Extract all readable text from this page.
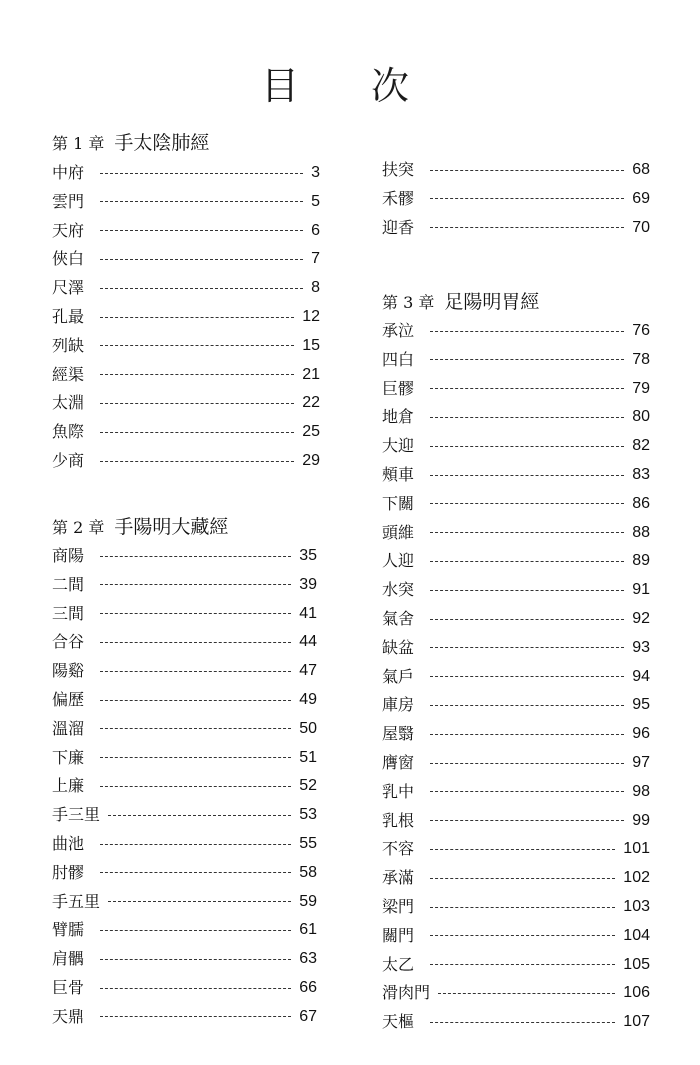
目 次
第 1 章 手太陰肺經
中府	3
雲門	5
天府	6
俠白	7
尺澤	8
孔最	12
列缺	15
經渠	21
太淵	22
魚際	25
少商	29
第 2 章 手陽明大藏經
商陽	35
二間	39
三間	41
合谷	44
陽谿	47
偏歷	49
溫溜	50
下廉	51
上廉	52
手三里	53
曲池	55
肘髎	58
手五里	59
臂臑	61
肩髃	63
巨骨	66
天鼎	67
扶突	68
禾髎	69
迎香	70
第 3 章 足陽明胃經
承泣	76
四白	78
巨髎	79
地倉	80
大迎	82
頰車	83
下關	86
頭維	88
人迎	89
水突	91
氣舍	92
缺盆	93
氣戶	94
庫房	95
屋翳	96
膺窗	97
乳中	98
乳根	99
不容	101
承滿	102
梁門	103
關門	104
太乙	105
滑肉門	106
天樞	107
